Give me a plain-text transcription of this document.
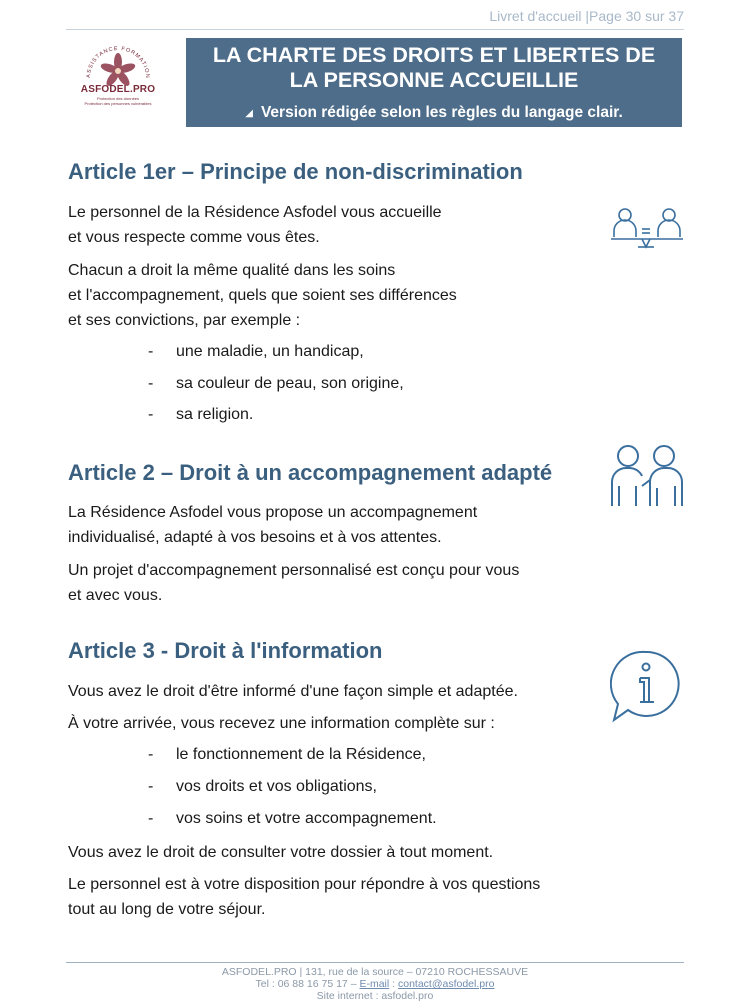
Livret d'accueil |Page 30 sur 37
ASSISTANCE FORMATION
ASFODEL.PRO
Protection des données
Protection des personnes vulnérables
LA CHARTE DES DROITS ET LIBERTES DE
LA PERSONNE ACCUEILLIE
◢ Version rédigée selon les règles du langage clair.
Article 1er – Principe de non-discrimination
Le personnel de la Résidence Asfodel vous accueille
et vous respecte comme vous êtes.
Chacun a droit la même qualité dans les soins
et l'accompagnement, quels que soient ses différences
et ses convictions, par exemple :
- une maladie, un handicap,
- sa couleur de peau, son origine,
- sa religion.
Article 2 – Droit à un accompagnement adapté
La Résidence Asfodel vous propose un accompagnement
individualisé, adapté à vos besoins et à vos attentes.
Un projet d'accompagnement personnalisé est conçu pour vous
et avec vous.
Article 3 - Droit à l'information
Vous avez le droit d'être informé d'une façon simple et adaptée.
À votre arrivée, vous recevez une information complète sur :
- le fonctionnement de la Résidence,
- vos droits et vos obligations,
- vos soins et votre accompagnement.
Vous avez le droit de consulter votre dossier à tout moment.
Le personnel est à votre disposition pour répondre à vos questions
tout au long de votre séjour.
ASFODEL.PRO | 131, rue de la source – 07210 ROCHESSAUVE
Tel : 06 88 16 75 17 – E-mail : contact@asfodel.pro
Site internet : asfodel.pro
